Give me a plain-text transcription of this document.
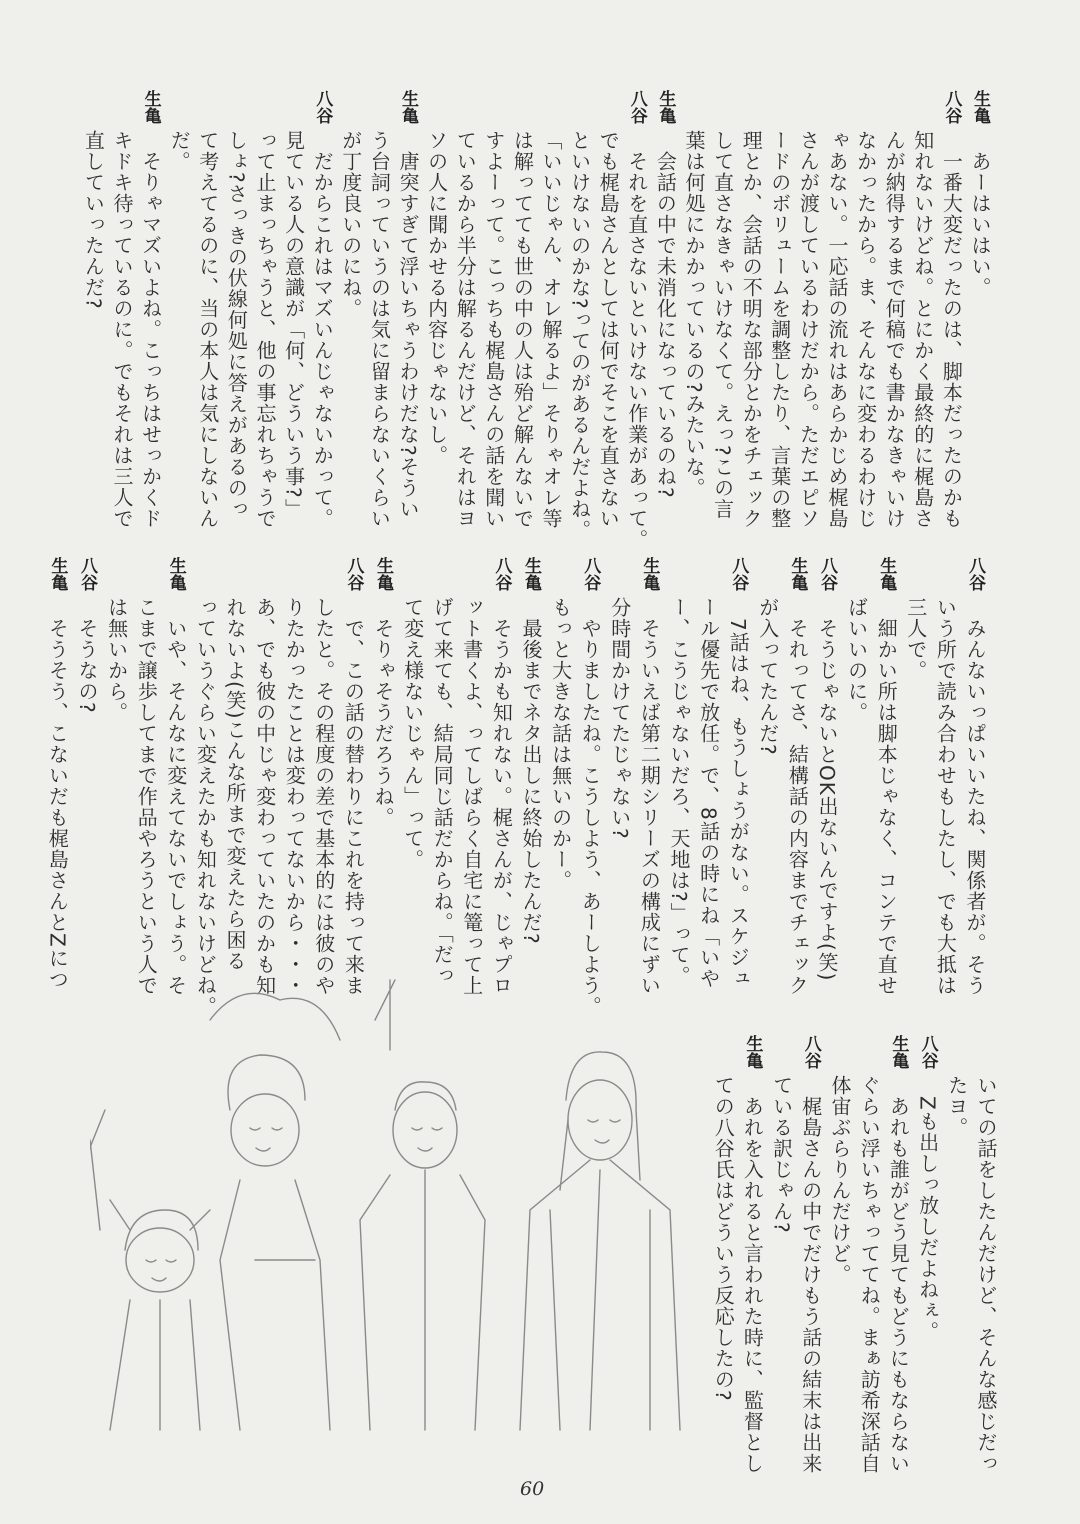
生亀
　あーはいはい。
八谷
　一番大変だったのは、脚本だったのかも
知れないけどね。とにかく最終的に梶島さ
んが納得するまで何稿でも書かなきゃいけ
なかったから。ま、そんなに変わるわけじ
ゃあない。一応話の流れはあらかじめ梶島
さんが渡しているわけだから。ただエピソ
ードのボリュームを調整したり、言葉の整
理とか、会話の不明な部分とかをチェック
して直さなきゃいけなくて。えっ?この言
葉は何処にかかっているの?みたいな。
生亀
　会話の中で未消化になっているのね?
八谷
　それを直さないといけない作業があって。
でも梶島さんとしては何でそこを直さない
といけないのかな?ってのがあるんだよね。
「いいじゃん、オレ解るよ」そりゃオレ等
は解ってても世の中の人は殆ど解んないで
すよーって。こっちも梶島さんの話を聞い
ているから半分は解るんだけど、それはヨ
ソの人に聞かせる内容じゃないし。
生亀
　唐突すぎて浮いちゃうわけだな?そうい
う台詞っていうのは気に留まらないくらい
が丁度良いのにね。
八谷
　だからこれはマズいんじゃないかって。
見ている人の意識が「何、どういう事?」
って止まっちゃうと、他の事忘れちゃうで
しょ?さっきの伏線何処に答えがあるのっ
て考えてるのに、当の本人は気にしないん
だ。
生亀
　そりゃマズいよね。こっちはせっかくド
キドキ待っているのに。でもそれは三人で
直していったんだ?
八谷
　みんないっぱいいたね、関係者が。そう
いう所で読み合わせもしたし、でも大抵は
三人で。
生亀
　細かい所は脚本じゃなく、コンテで直せ
ばいいのに。
八谷
　そうじゃないとOK出ないんですよ(笑)
生亀
　それってさ、結構話の内容までチェック
が入ってたんだ?
八谷
　7話はね、もうしょうがない。スケジュ
ール優先で放任。で、8話の時にね「いや
ー、こうじゃないだろ、天地は?」って。
生亀
　そういえば第二期シリーズの構成にずい
分時間かけてたじゃない?
八谷
　やりましたね。こうしよう、あーしよう。
もっと大きな話は無いのかー。
生亀
　最後までネタ出しに終始したんだ?
八谷
　そうかも知れない。梶さんが、じゃプロ
ット書くよ、ってしばらく自宅に篭って上
げて来ても、結局同じ話だからね。「だっ
て変え様ないじゃん」って。
生亀
　そりゃそうだろうね。
八谷
　で、この話の替わりにこれを持って来ま
したと。その程度の差で基本的には彼のや
りたかったことは変わってないから・・・
あ、でも彼の中じゃ変わっていたのかも知
れないよ(笑)こんな所まで変えたら困る
っていうぐらい変えたかも知れないけどね。
生亀
　いや、そんなに変えてないでしょう。そ
こまで譲歩してまで作品やろうという人で
は無いから。
八谷
　そうなの?
生亀
　そうそう、こないだも梶島さんとZにつ
いての話をしたんだけど、そんな感じだっ
たヨ。
八谷
　Zも出しっ放しだよねぇ。
生亀
　あれも誰がどう見てもどうにもならない
ぐらい浮いちゃっててね。まぁ訪希深話自
体宙ぶらりんだけど。
八谷
　梶島さんの中でだけもう話の結末は出来
ている訳じゃん?
生亀
　あれを入れると言われた時に、監督とし
ての八谷氏はどういう反応したの?
60
